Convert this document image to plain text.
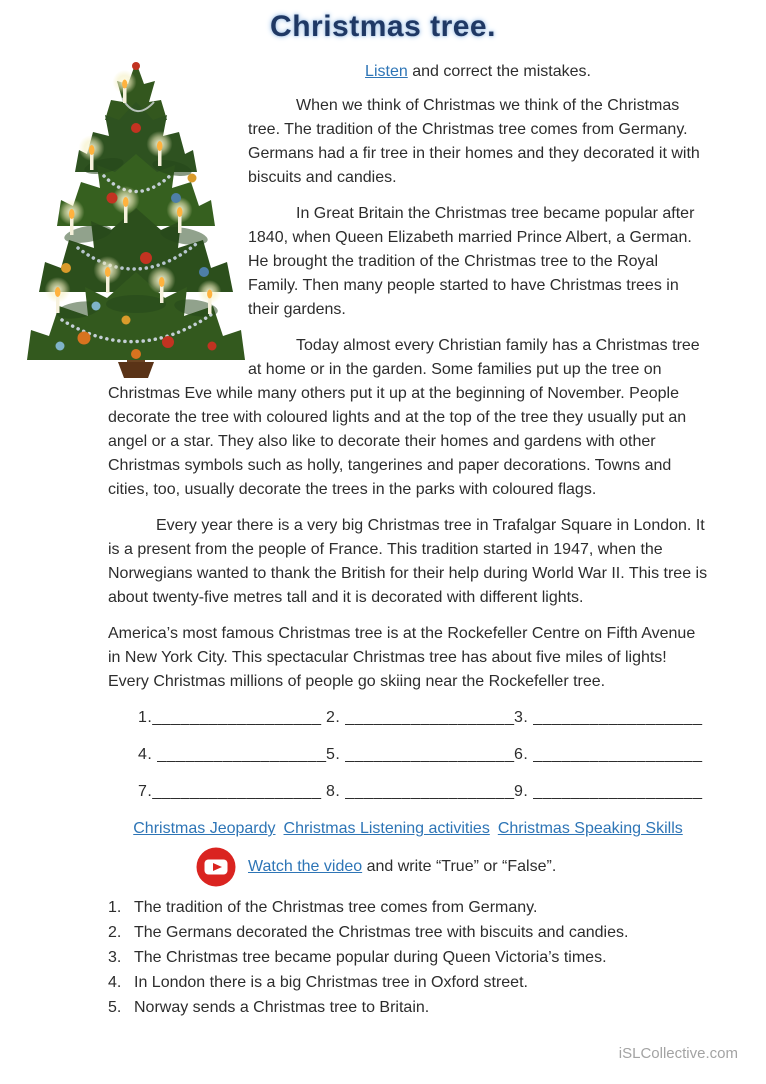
Christmas tree.

Listen and correct the mistakes.

When we think of Christmas we think of the Christmas tree. The tradition of the Christmas tree comes from Germany. Germans had a fir tree in their homes and they decorated it with biscuits and candies.

In Great Britain the Christmas tree became popular after 1840, when Queen Elizabeth married Prince Albert, a German. He brought the tradition of the Christmas tree to the Royal Family. Then many people started to have Christmas trees in their gardens.

Today almost every Christian family has a Christmas tree at home or in the garden. Some families put up the tree on Christmas Eve while many others put it up at the beginning of November. People decorate the tree with coloured lights and at the top of the tree they usually put an angel or a star. They also like to decorate their homes and gardens with other Christmas symbols such as holly, tangerines and paper decorations. Towns and cities, too, usually decorate the trees in the parks with coloured flags.

Every year there is a very big Christmas tree in Trafalgar Square in London. It is a present from the people of France. This tradition started in 1947, when the Norwegians wanted to thank the British for their help during World War II. This tree is about twenty-five metres tall and it is decorated with different lights.

America’s most famous Christmas tree is at the Rockefeller Centre on Fifth Avenue in New York City. This spectacular Christmas tree has about five miles of lights! Every Christmas millions of people go skiing near the Rockefeller tree.

1.__________________ 2. __________________ 3. __________________
4. __________________ 5. __________________ 6. __________________
7.__________________ 8. __________________ 9. __________________
Christmas Jeopardy Christmas Listening activities Christmas Speaking Skills
Watch the video and write “True” or “False”.
1. The tradition of the Christmas tree comes from Germany.
2. The Germans decorated the Christmas tree with biscuits and candies.
3. The Christmas tree became popular during Queen Victoria’s times.
4. In London there is a big Christmas tree in Oxford street.
5. Norway sends a Christmas tree to Britain.
iSLCollective.com
